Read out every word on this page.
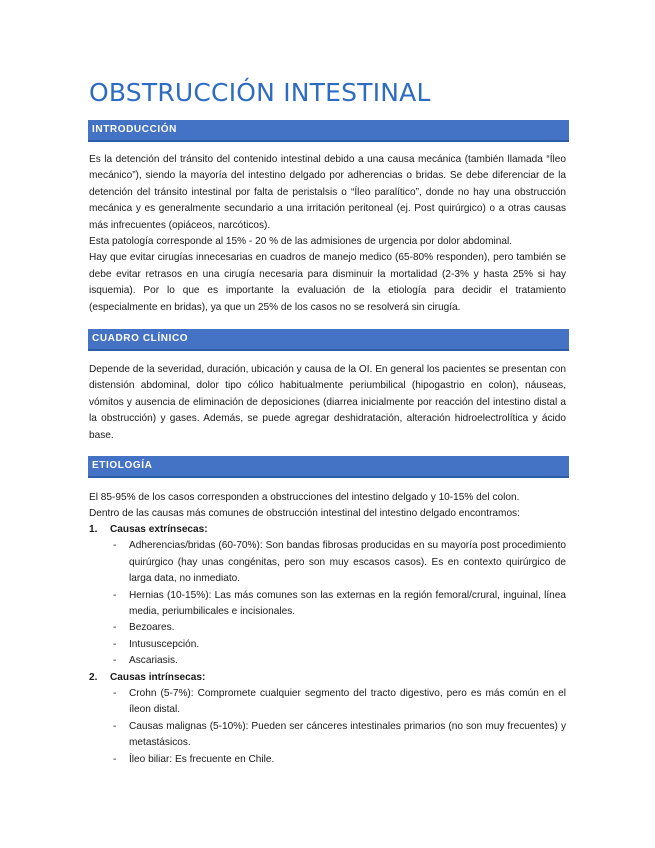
OBSTRUCCIÓN INTESTINAL
INTRODUCCIÓN

Es la detención del tránsito del contenido intestinal debido a una causa mecánica (también llamada “Íleo mecánico”), siendo la mayoría del intestino delgado por adherencias o bridas. Se debe diferenciar de la detención del tránsito intestinal por falta de peristalsis o “Íleo paralítico”, donde no hay una obstrucción mecánica y es generalmente secundario a una irritación peritoneal (ej. Post quirúrgico) o a otras causas más infrecuentes (opiáceos, narcóticos).

Esta patología corresponde al 15% - 20 % de las admisiones de urgencia por dolor abdominal.

Hay que evitar cirugías innecesarias en cuadros de manejo medico (65-80% responden), pero también se debe evitar retrasos en una cirugía necesaria para disminuir la mortalidad (2-3% y hasta 25% si hay isquemia). Por lo que es importante la evaluación de la etiología para decidir el tratamiento (especialmente en bridas), ya que un 25% de los casos no se resolverá sin cirugía.

CUADRO CLÍNICO

Depende de la severidad, duración, ubicación y causa de la OI. En general los pacientes se presentan con distensión abdominal, dolor tipo cólico habitualmente periumbilical (hipogastrio en colon), náuseas, vómitos y ausencia de eliminación de deposiciones (diarrea inicialmente por reacción del intestino distal a la obstrucción) y gases. Además, se puede agregar deshidratación, alteración hidroelectrolítica y ácido base.

ETIOLOGÍA

El 85-95% de los casos corresponden a obstrucciones del intestino delgado y 10-15% del colon.

Dentro de las causas más comunes de obstrucción intestinal del intestino delgado encontramos:

1. Causas extrínsecas:
- Adherencias/bridas (60-70%): Son bandas fibrosas producidas en su mayoría post procedimiento quirúrgico (hay unas congénitas, pero son muy escasos casos). Es en contexto quirúrgico de larga data, no inmediato.
- Hernias (10-15%): Las más comunes son las externas en la región femoral/crural, inguinal, línea media, periumbilicales e incisionales.
- Bezoares.
- Intususcepción.
- Ascariasis.
2. Causas intrínsecas:
- Crohn (5-7%): Compromete cualquier segmento del tracto digestivo, pero es más común en el íleon distal.
- Causas malignas (5-10%): Pueden ser cánceres intestinales primarios (no son muy frecuentes) y metastásicos.
- Íleo biliar: Es frecuente en Chile.
